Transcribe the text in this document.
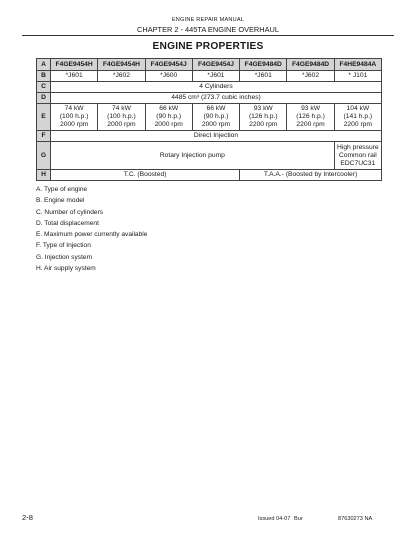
ENGINE REPAIR MANUAL
CHAPTER 2 - 445TA ENGINE OVERHAUL
ENGINE PROPERTIES
A	F4GE9454H	F4GE9454H	F4GE9454J	F4GE9454J	F4GE9484D	F4GE9484D	F4HE9484A
B	*J601	*J602	*J600	*J601	*J601	*J602	* J101
C	4 Cylinders						
D	4485 cm³ (273.7 cubic inches)						
E	74 kW
(100 h.p.)
2000 rpm	74 kW
(100 h.p.)
2000 rpm	66 kW
(90 h.p.)
2000 rpm	66 kW
(90 h.p.)
2000 rpm	93 kW
(126 h.p.)
2200 rpm	93 kW
(126 h.p.)
2200 rpm	104 kW
(141 h.p.)
2200 rpm
F	Direct Injection						
G	Rotary Injection pump						High pressure
Common rail
EDC7UC31
H	T.C. (Boosted)				T.A.A.- (Boosted by Intercooler)		
A. Type of engine
B. Engine model
C. Number of cylinders
D. Total displacement
E. Maximum power currently available
F. Type of Injection
G. Injection system
H. Air supply system
2-8	Issued 04-07 Bur	87630273 NA
